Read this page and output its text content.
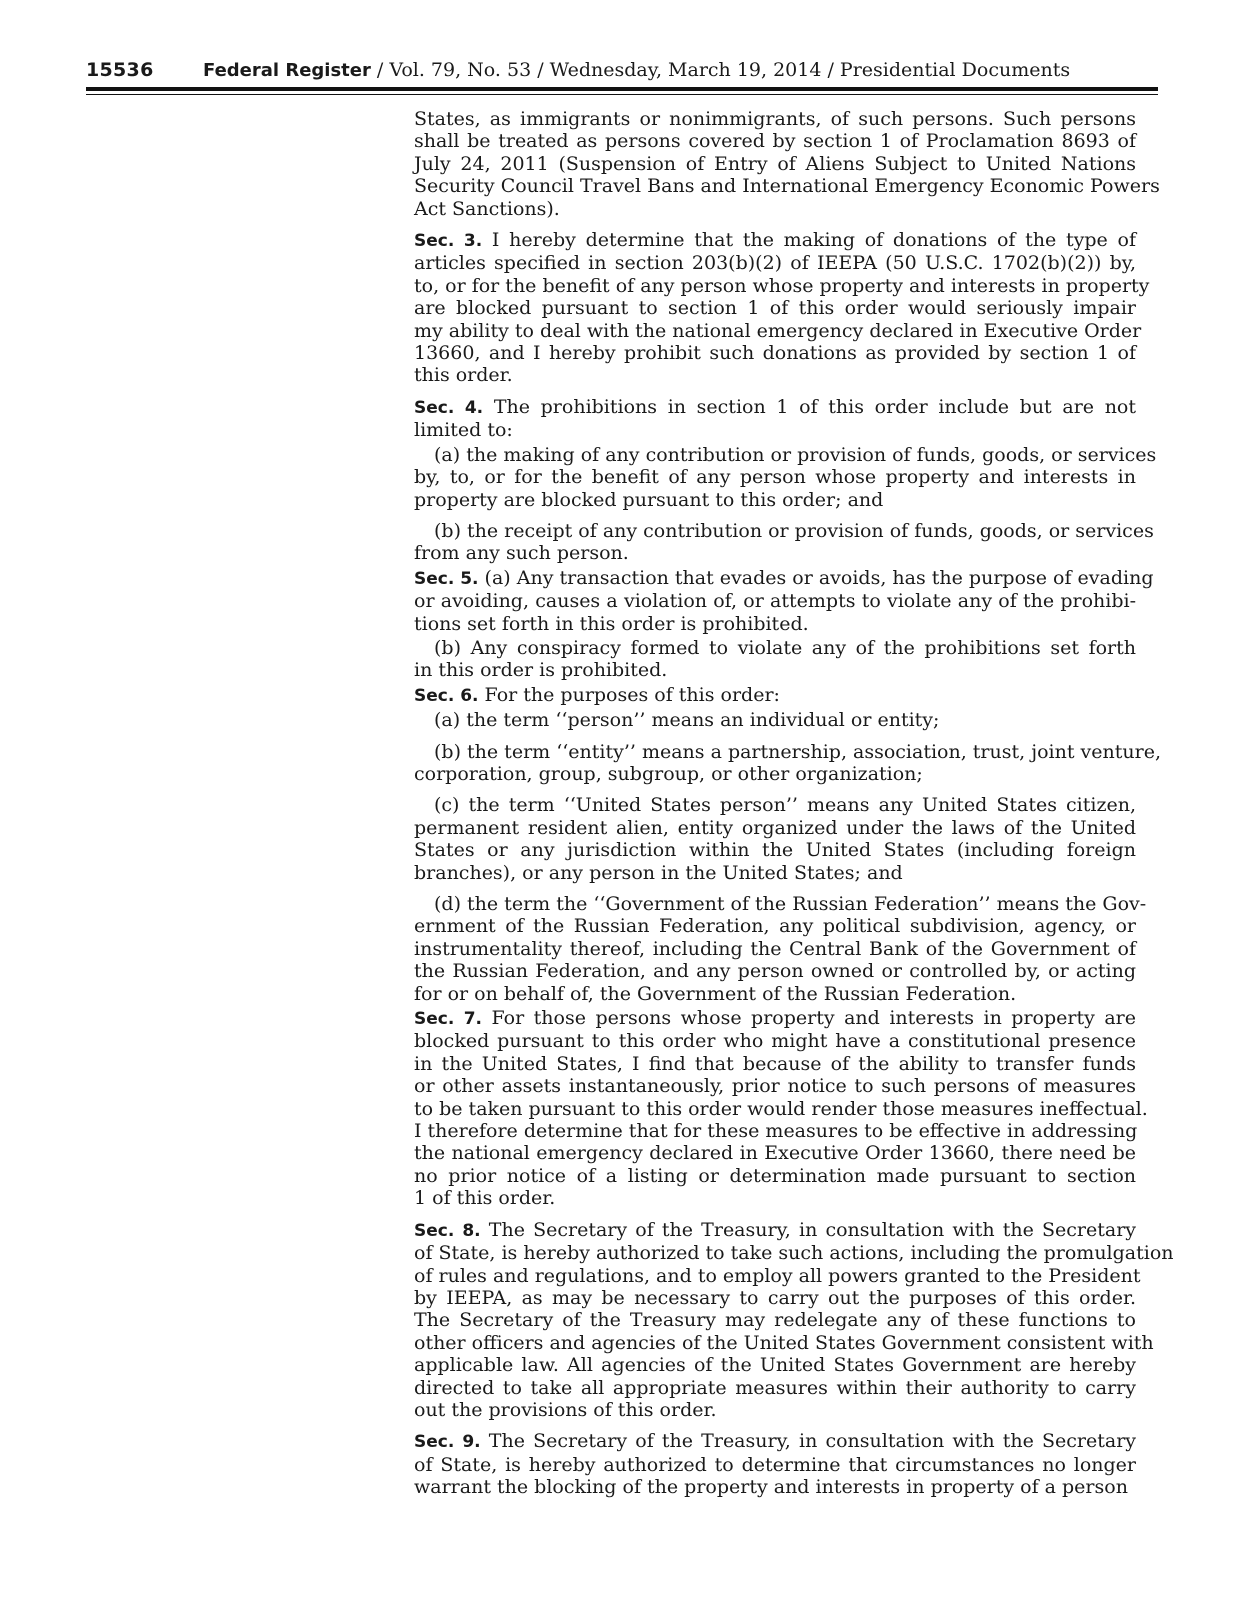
15536	Federal Register / Vol. 79, No. 53 / Wednesday, March 19, 2014 / Presidential Documents
States, as immigrants or nonimmigrants, of such persons. Such persons
shall be treated as persons covered by section 1 of Proclamation 8693 of
July 24, 2011 (Suspension of Entry of Aliens Subject to United Nations
Security Council Travel Bans and International Emergency Economic Powers
Act Sanctions).
Sec. 3. I hereby determine that the making of donations of the type of
articles specified in section 203(b)(2) of IEEPA (50 U.S.C. 1702(b)(2)) by,
to, or for the benefit of any person whose property and interests in property
are blocked pursuant to section 1 of this order would seriously impair
my ability to deal with the national emergency declared in Executive Order
13660, and I hereby prohibit such donations as provided by section 1 of
this order.
Sec. 4. The prohibitions in section 1 of this order include but are not
limited to:
(a) the making of any contribution or provision of funds, goods, or services
by, to, or for the benefit of any person whose property and interests in
property are blocked pursuant to this order; and
(b) the receipt of any contribution or provision of funds, goods, or services
from any such person.
Sec. 5. (a) Any transaction that evades or avoids, has the purpose of evading
or avoiding, causes a violation of, or attempts to violate any of the prohibi-
tions set forth in this order is prohibited.
(b) Any conspiracy formed to violate any of the prohibitions set forth
in this order is prohibited.
Sec. 6. For the purposes of this order:
(a) the term ‘‘person’’ means an individual or entity;
(b) the term ‘‘entity’’ means a partnership, association, trust, joint venture,
corporation, group, subgroup, or other organization;
(c) the term ‘‘United States person’’ means any United States citizen,
permanent resident alien, entity organized under the laws of the United
States or any jurisdiction within the United States (including foreign
branches), or any person in the United States; and
(d) the term the ‘‘Government of the Russian Federation’’ means the Gov-
ernment of the Russian Federation, any political subdivision, agency, or
instrumentality thereof, including the Central Bank of the Government of
the Russian Federation, and any person owned or controlled by, or acting
for or on behalf of, the Government of the Russian Federation.
Sec. 7. For those persons whose property and interests in property are
blocked pursuant to this order who might have a constitutional presence
in the United States, I find that because of the ability to transfer funds
or other assets instantaneously, prior notice to such persons of measures
to be taken pursuant to this order would render those measures ineffectual.
I therefore determine that for these measures to be effective in addressing
the national emergency declared in Executive Order 13660, there need be
no prior notice of a listing or determination made pursuant to section
1 of this order.
Sec. 8. The Secretary of the Treasury, in consultation with the Secretary
of State, is hereby authorized to take such actions, including the promulgation
of rules and regulations, and to employ all powers granted to the President
by IEEPA, as may be necessary to carry out the purposes of this order.
The Secretary of the Treasury may redelegate any of these functions to
other officers and agencies of the United States Government consistent with
applicable law. All agencies of the United States Government are hereby
directed to take all appropriate measures within their authority to carry
out the provisions of this order.
Sec. 9. The Secretary of the Treasury, in consultation with the Secretary
of State, is hereby authorized to determine that circumstances no longer
warrant the blocking of the property and interests in property of a person
